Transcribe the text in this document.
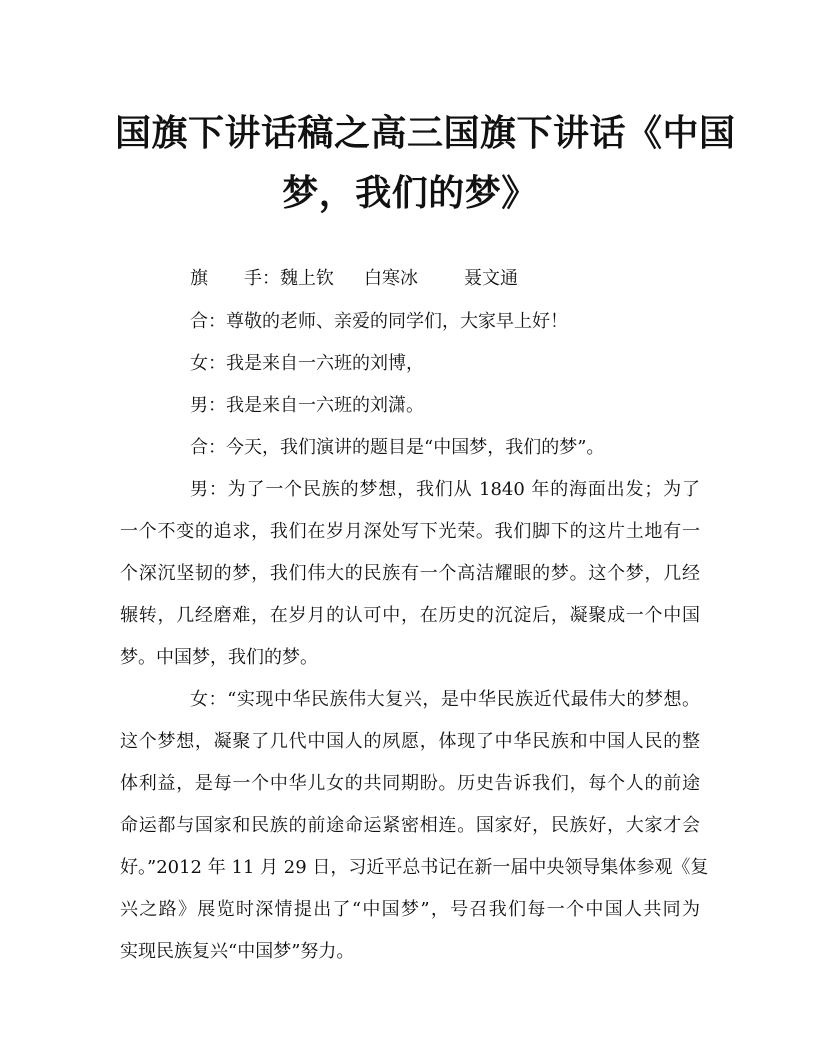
国旗下讲话稿之高三国旗下讲话《中国
梦，我们的梦》
旗　　手：魏上钦 白寒冰	聂文通
合：尊敬的老师、亲爱的同学们，大家早上好！
女：我是来自一六班的刘博，
男：我是来自一六班的刘潇。
合：今天，我们演讲的题目是“中国梦，我们的梦”。
男：为了一个民族的梦想，我们从 1840 年的海面出发；为了
一个不变的追求，我们在岁月深处写下光荣。我们脚下的这片土地有一
个深沉坚韧的梦，我们伟大的民族有一个高洁耀眼的梦。这个梦，几经
辗转，几经磨难，在岁月的认可中，在历史的沉淀后，凝聚成一个中国
梦。中国梦，我们的梦。
女：“实现中华民族伟大复兴，是中华民族近代最伟大的梦想。
这个梦想，凝聚了几代中国人的夙愿，体现了中华民族和中国人民的整
体利益，是每一个中华儿女的共同期盼。历史告诉我们，每个人的前途
命运都与国家和民族的前途命运紧密相连。国家好，民族好，大家才会
好。”2012 年 11 月 29 日，习近平总书记在新一届中央领导集体参观《复
兴之路》展览时深情提出了“中国梦”，号召我们每一个中国人共同为
实现民族复兴“中国梦”努力。
